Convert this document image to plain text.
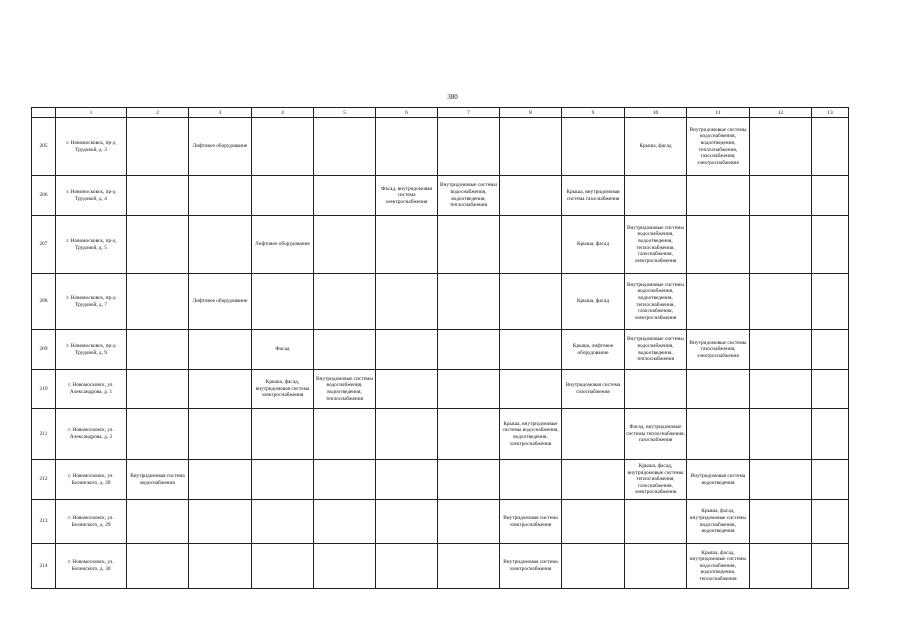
380
	1	2	3	4	5	6	7	8	9	10	11	12	13
205	г. Новомосковск, пр-д Трудовой, д. 3		Лифтовое оборудование							Крыша, фасад	Внутридомовые системы водоснабжения, водоотведения, теплоснабжения, газоснабжения, электроснабжения		

206	г. Новомосковск, пр-д Трудовой, д. 4					Фасад, внутридомовая система электроснабжения	Внутридомовые системы водоснабжения, водоотведения, теплоснабжения		Крыша, внутридомовая система газоснабжения				

207	г. Новомосковск, пр-д Трудовой, д. 5			Лифтовое оборудование					Крыша, фасад	Внутридомовые системы водоснабжения, водоотведения, теплоснабжения, газоснабжения, электроснабжения			

208	г. Новомосковск, пр-д Трудовой, д. 7		Лифтовое оборудование						Крыша, фасад	Внутридомовые системы водоснабжения, водоотведения, теплоснабжения, газоснабжения, электроснабжения			

209	г. Новомосковск, пр-д Трудовой, д. 9			Фасад					Крыша, лифтовое оборудование	Внутридомовые системы водоснабжения, водоотведения, теплоснабжения	Внутридомовые системы газоснабжения, электроснабжения		

210	г. Новомосковск, ул. Александрова, д. 1			Крыша, фасад, внутридомовая система электроснабжения	Внутридомовые системы водоснабжения, водоотведения, теплоснабжения				Внутридомовая система газоснабжения				

211	г. Новомосковск, ул. Александрова, д. 2							Крыша, внутридомовые системы водоснабжения, водоотведения, электроснабжения		Фасад, внутридомовые системы теплоснабжения, газоснабжения			

212	г. Новомосковск, ул. Белинского, д. 28	Внутридомовая система водоснабжения								Крыша, фасад, внутридомовые системы теплоснабжения, газоснабжения, электроснабжения	Внутридомовая система водоотведения		

213	г. Новомосковск, ул. Белинского, д. 29							Внутридомовая система электроснабжения			Крыша, фасад, внутридомовые системы водоснабжения, водоотведения		

214	г. Новомосковск, ул. Белинского, д. 30							Внутридомовая система электроснабжения			Крыша, фасад, внутридомовые системы водоснабжения, водоотведения, теплоснабжения		
